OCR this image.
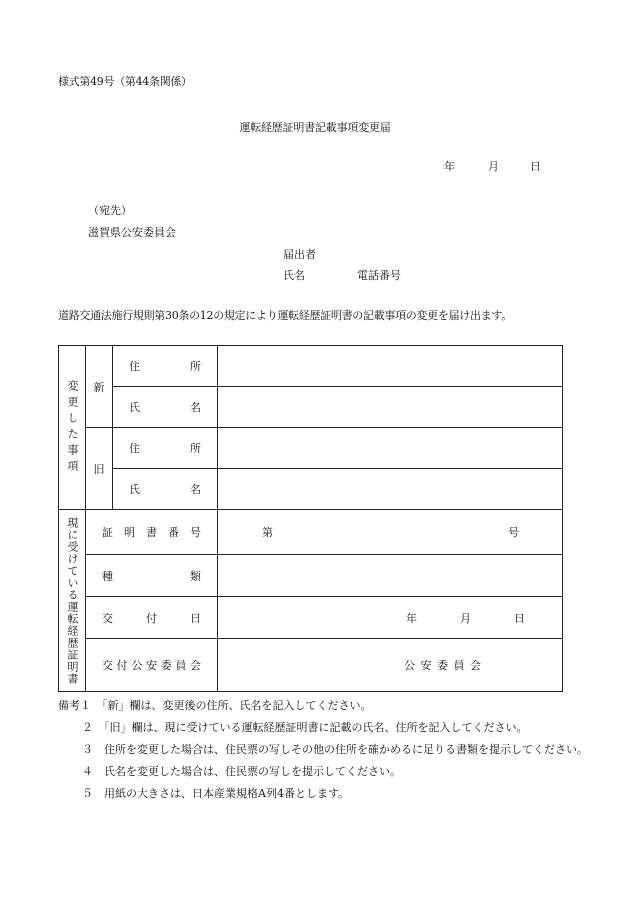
様式第49号（第44条関係）
運転経歴証明書記載事項変更届
年	月	日
（宛先）
滋賀県公安委員会
届出者
氏名	電話番号
道路交通法施行規則第30条の12の規定により運転経歴証明書の記載事項の変更を届け出ます。
変更した事項	新	住所	
		氏名	
	旧	住所	
		氏名	
現に受けている運転経歴証明書	証明書番号		第 号

	種類		
	交付日		年 月 日

	交付公安委員会		公 安 委 員 会
備考１　「新」欄は、変更後の住所、氏名を記入してください。
２　「旧」欄は、現に受けている運転経歴証明書に記載の氏名、住所を記入してください。
３　住所を変更した場合は、住民票の写しその他の住所を確かめるに足りる書類を提示してください。
４　氏名を変更した場合は、住民票の写しを提示してください。
５　用紙の大きさは、日本産業規格A列4番とします。
